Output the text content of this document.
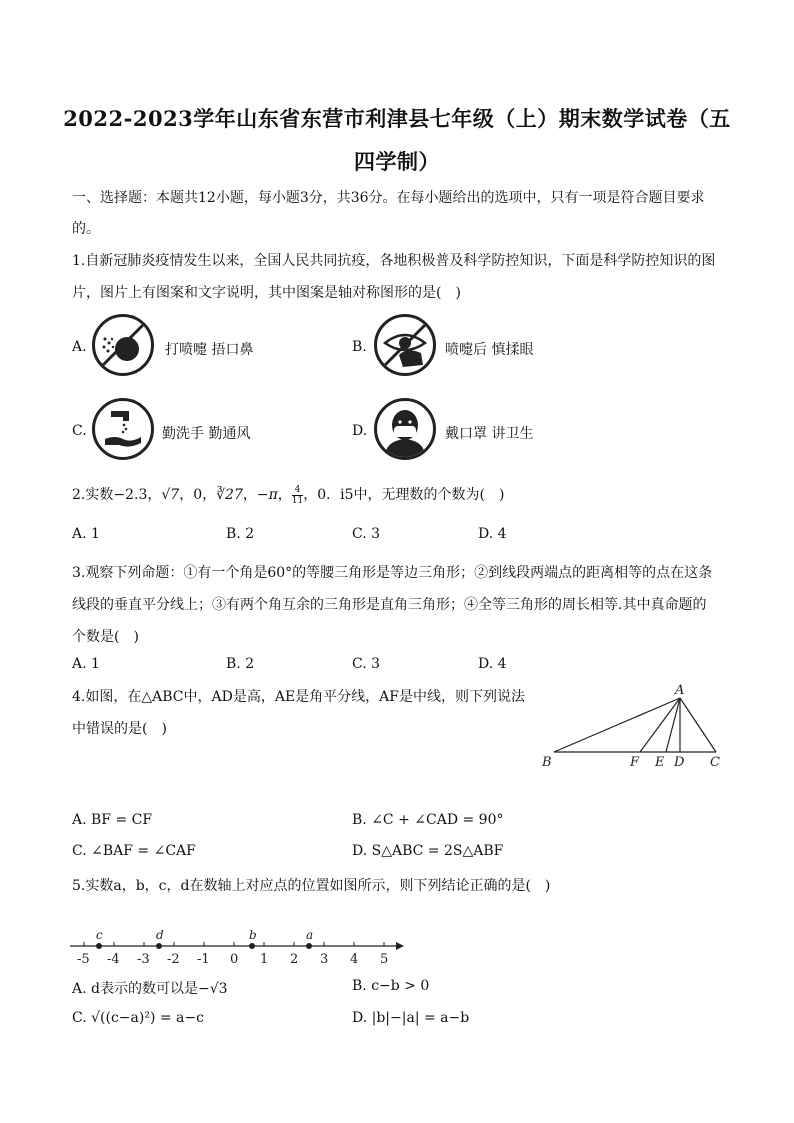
2022-2023学年山东省东营市利津县七年级（上）期末数学试卷（五
四学制）
一、选择题：本题共12小题，每小题3分，共36分。在每小题给出的选项中，只有一项是符合题目要求
的。
1.自新冠肺炎疫情发生以来，全国人民共同抗疫，各地积极普及科学防控知识，下面是科学防控知识的图
片，图片上有图案和文字说明，其中图案是轴对称图形的是(　)
A.	打喷嚏 捂口鼻	B.	喷嚏后 慎揉眼
C.	勤洗手 勤通风	D.	戴口罩 讲卫生
2.实数−2.3，√7，0，∛27，−π， $\frac{4}{11}$ ，0．i5中，无理数的个数为(　)
A. 1	B. 2	C. 3	D. 4
3.观察下列命题：①有一个角是60°的等腰三角形是等边三角形；②到线段两端点的距离相等的点在这条
线段的垂直平分线上；③有两个角互余的三角形是直角三角形；④全等三角形的周长相等.其中真命题的
个数是(　)
A. 1	B. 2	C. 3	D. 4
4.如图，在△ABC中，AD是高，AE是角平分线，AF是中线，则下列说法
中错误的是(　)
A
B	F E D C
A. BF = CF	B. ∠C + ∠CAD = 90°
C. ∠BAF = ∠CAF	D. S△ABC = 2S△ABF
5.实数a，b，c，d在数轴上对应点的位置如图所示，则下列结论正确的是(　)
-5 -4 -3 -2 -1 0 1 2 3 4 5
c	d	b	a
A. d表示的数可以是−√3	B. c−b > 0
C. √((c−a)²) = a−c	D. |b|−|a| = a−b
